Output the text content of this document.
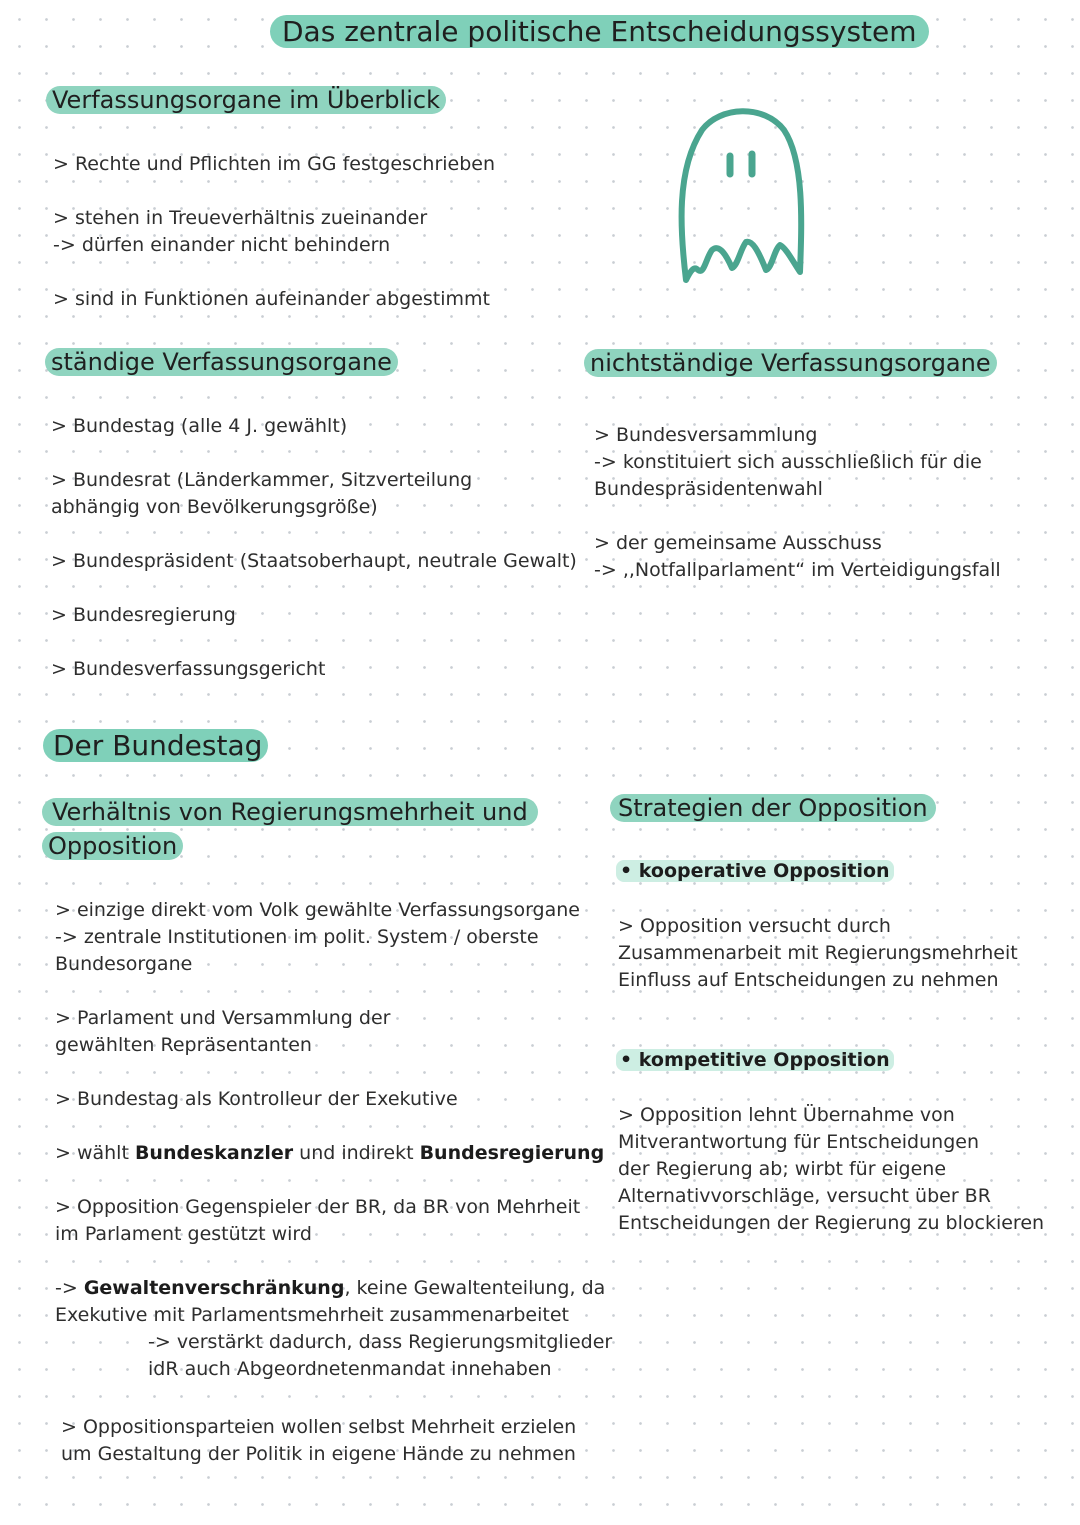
Das zentrale politische Entscheidungssystem
Verfassungsorgane im Überblick
> Rechte und Pflichten im GG festgeschrieben
> stehen in Treueverhältnis zueinander
-> dürfen einander nicht behindern
> sind in Funktionen aufeinander abgestimmt
ständige Verfassungsorgane
> Bundestag (alle 4 J. gewählt)
> Bundesrat (Länderkammer, Sitzverteilung
abhängig von Bevölkerungsgröße)
> Bundespräsident (Staatsoberhaupt, neutrale Gewalt)
> Bundesregierung
> Bundesverfassungsgericht
nichtständige Verfassungsorgane
> Bundesversammlung
-> konstituiert sich ausschließlich für die
Bundespräsidentenwahl
> der gemeinsame Ausschuss
-> ,,Notfallparlament“ im Verteidigungsfall
Der Bundestag
Verhältnis von Regierungsmehrheit und
Opposition
> einzige direkt vom Volk gewählte Verfassungsorgane
-> zentrale Institutionen im polit. System / oberste
Bundesorgane
> Parlament und Versammlung der
gewählten Repräsentanten
> Bundestag als Kontrolleur der Exekutive
> wählt Bundeskanzler und indirekt Bundesregierung
> Opposition Gegenspieler der BR, da BR von Mehrheit
im Parlament gestützt wird
-> Gewaltenverschränkung, keine Gewaltenteilung, da
Exekutive mit Parlamentsmehrheit zusammenarbeitet
-> verstärkt dadurch, dass Regierungsmitglieder
idR auch Abgeordnetenmandat innehaben
> Oppositionsparteien wollen selbst Mehrheit erzielen
um Gestaltung der Politik in eigene Hände zu nehmen
Strategien der Opposition
• kooperative Opposition
> Opposition versucht durch
Zusammenarbeit mit Regierungsmehrheit
Einfluss auf Entscheidungen zu nehmen
• kompetitive Opposition
> Opposition lehnt Übernahme von
Mitverantwortung für Entscheidungen
der Regierung ab; wirbt für eigene
Alternativvorschläge, versucht über BR
Entscheidungen der Regierung zu blockieren
